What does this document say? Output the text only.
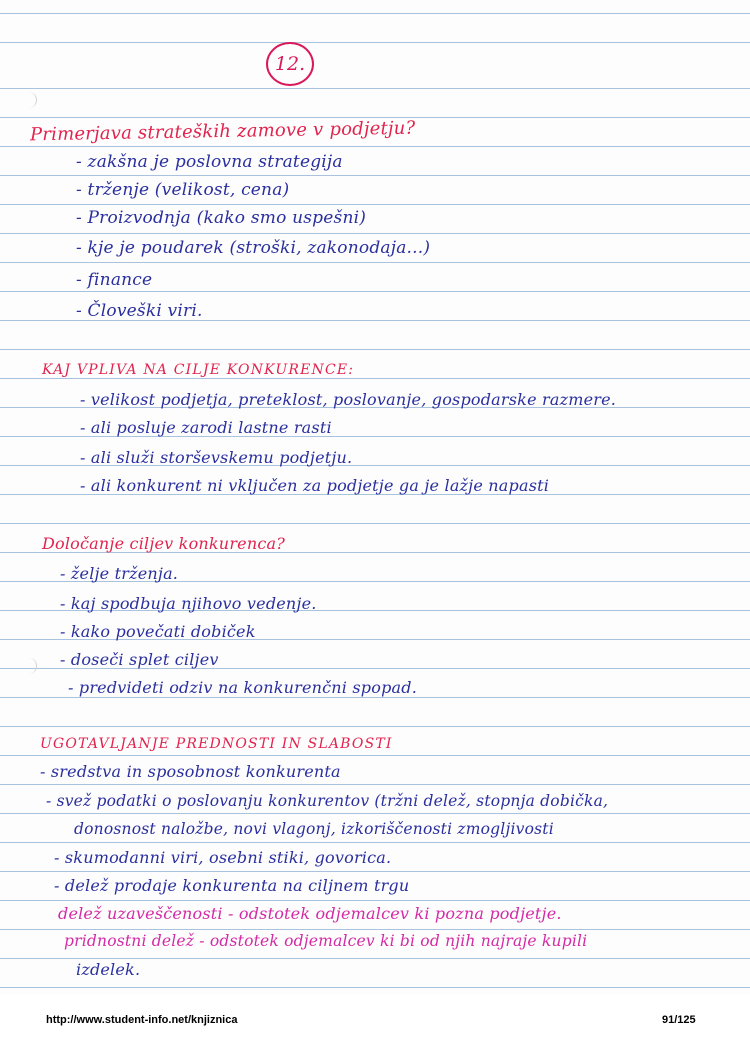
12.
Primerjava strateških zamove v podjetju?
- zakšna je poslovna strategija
- trženje (velikost, cena)
- Proizvodnja (kako smo uspešni)
- kje je poudarek (stroški, zakonodaja...)
- finance
- Človeški viri.
KAJ VPLIVA NA CILJE KONKURENCE:
- velikost podjetja, preteklost, poslovanje, gospodarske razmere.
- ali posluje zarodi lastne rasti
- ali služi storševskemu podjetju.
- ali konkurent ni vključen za podjetje ga je lažje napasti
Določanje ciljev konkurenca?
- želje trženja.
- kaj spodbuja njihovo vedenje.
- kako povečati dobiček
- doseči splet ciljev
- predvideti odziv na konkurenčni spopad.
UGOTAVLJANJE PREDNOSTI IN SLABOSTI
- sredstva in sposobnost konkurenta
- svež podatki o poslovanju konkurentov (tržni delež, stopnja dobička,
donosnost naložbe, novi vlagonj, izkoriščenosti zmogljivosti
- skumodanni viri, osebni stiki, govorica.
- delež prodaje konkurenta na ciljnem trgu
delež uzaveščenosti - odstotek odjemalcev ki pozna podjetje.
pridnostni delež - odstotek odjemalcev ki bi od njih najraje kupili
izdelek.
http://www.student-info.net/knjiznica	91/125
